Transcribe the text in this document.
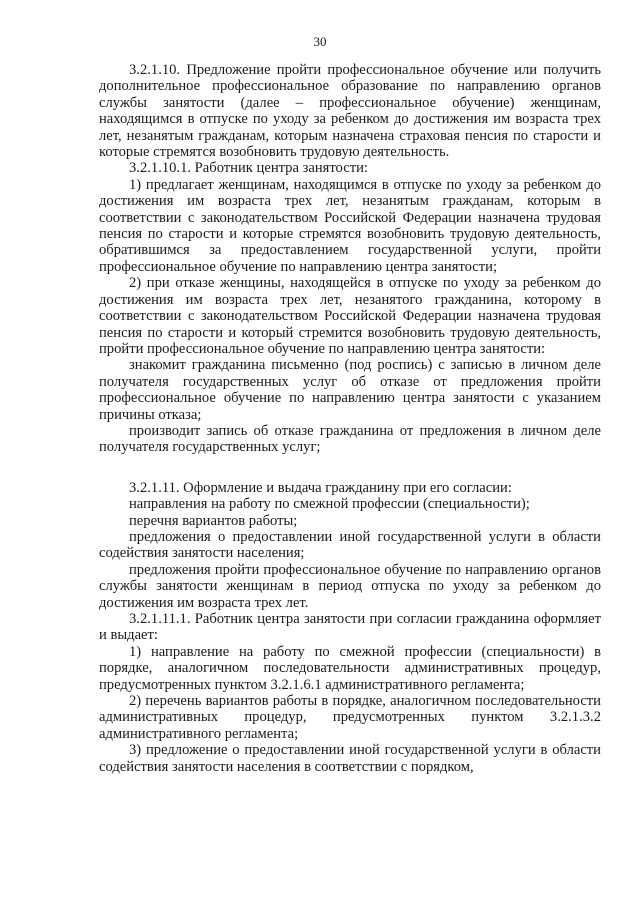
30

3.2.1.10. Предложение пройти профессиональное обучение или получить дополнительное профессиональное образование по направлению органов службы занятости (далее – профессиональное обучение) женщинам, находящимся в отпуске по уходу за ребенком до достижения им возраста трех лет, незанятым гражданам, которым назначена страховая пенсия по старости и которые стремятся возобновить трудовую деятельность.

3.2.1.10.1. Работник центра занятости:

1) предлагает женщинам, находящимся в отпуске по уходу за ребенком до достижения им возраста трех лет, незанятым гражданам, которым в соответствии с законодательством Российской Федерации назначена трудовая пенсия по старости и которые стремятся возобновить трудовую деятельность, обратившимся за предоставлением государственной услуги, пройти профессиональное обучение по направлению центра занятости;

2) при отказе женщины, находящейся в отпуске по уходу за ребенком до достижения им возраста трех лет, незанятого гражданина, которому в соответствии с законодательством Российской Федерации назначена трудовая пенсия по старости и который стремится возобновить трудовую деятельность, пройти профессиональное обучение по направлению центра занятости:

знакомит гражданина письменно (под роспись) с записью в личном деле получателя государственных услуг об отказе от предложения пройти профессиональное обучение по направлению центра занятости с указанием причины отказа;

производит запись об отказе гражданина от предложения в личном деле получателя государственных услуг;

3.2.1.11. Оформление и выдача гражданину при его согласии:

направления на работу по смежной профессии (специальности);

перечня вариантов работы;

предложения о предоставлении иной государственной услуги в области содействия занятости населения;

предложения пройти профессиональное обучение по направлению органов службы занятости женщинам в период отпуска по уходу за ребенком до достижения им возраста трех лет.

3.2.1.11.1. Работник центра занятости при согласии гражданина оформляет и выдает:

1) направление на работу по смежной профессии (специальности) в порядке, аналогичном последовательности административных процедур, предусмотренных пунктом 3.2.1.6.1 административного регламента;

2) перечень вариантов работы в порядке, аналогичном последовательности административных процедур, предусмотренных пунктом 3.2.1.3.2 административного регламента;

3) предложение о предоставлении иной государственной услуги в области содействия занятости населения в соответствии с порядком,
